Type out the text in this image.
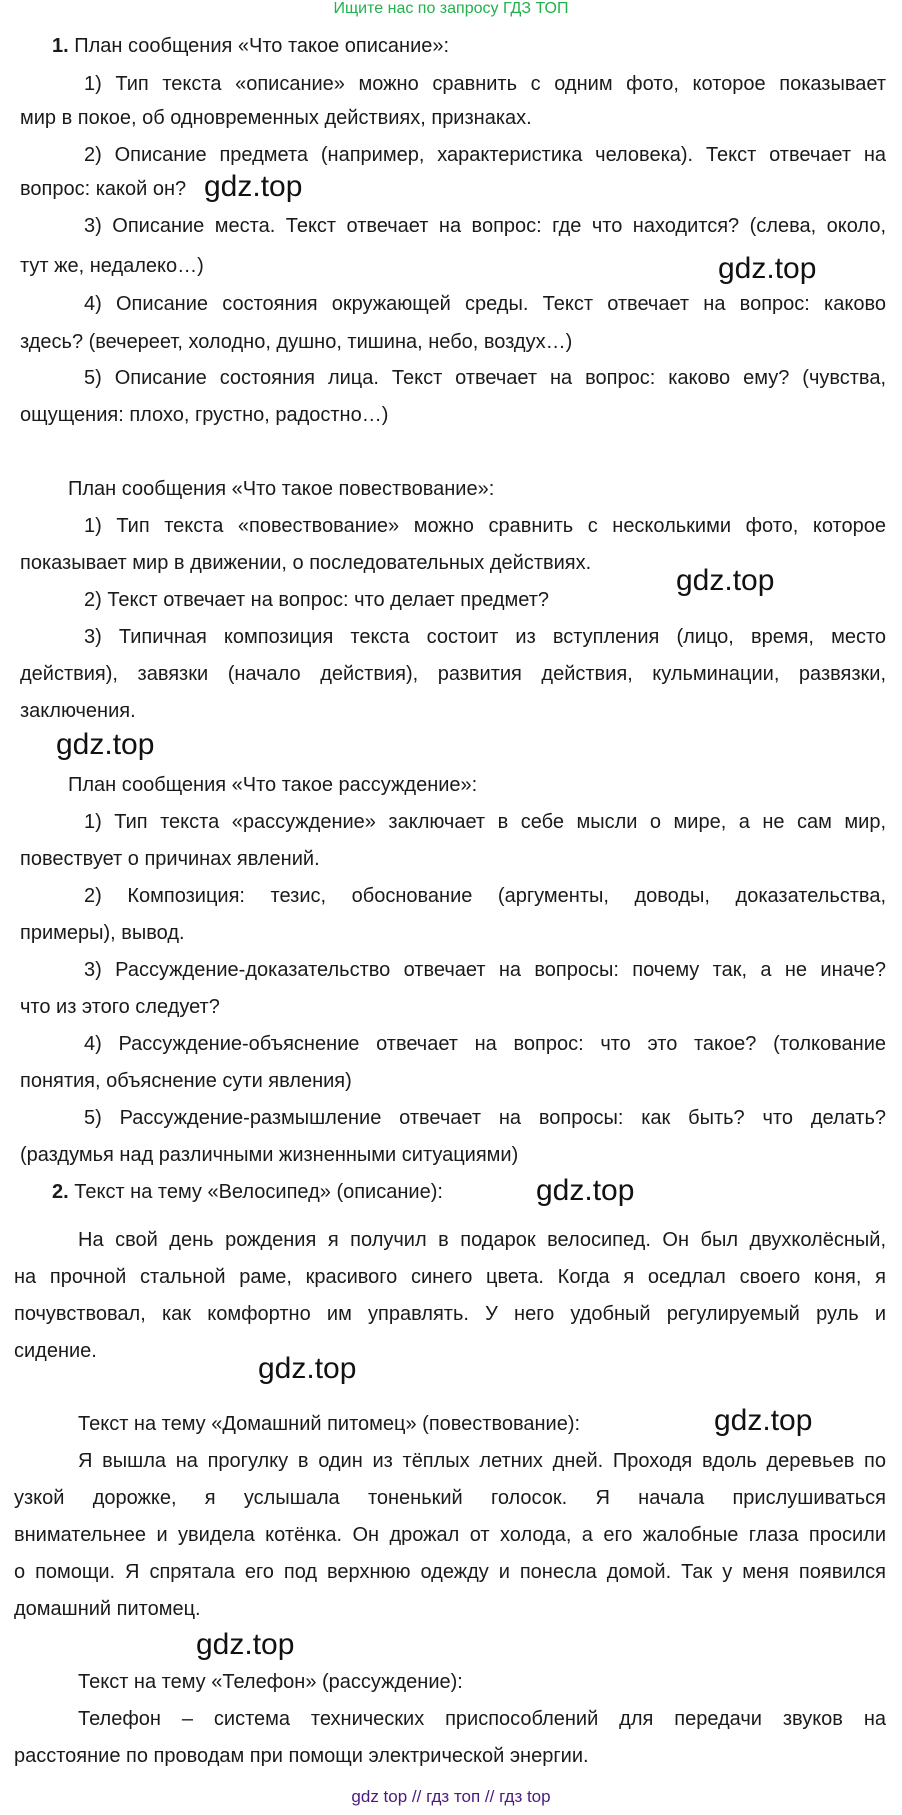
Ищите нас по запросу ГДЗ ТОП
1. План сообщения «Что такое описание»:
1) Тип текста «описание» можно сравнить с одним фото, которое показывает
мир в покое, об одновременных действиях, признаках.
2) Описание предмета (например, характеристика человека). Текст отвечает на
вопрос: какой он?
3) Описание места. Текст отвечает на вопрос: где что находится? (слева, около,
тут же, недалеко…)
4) Описание состояния окружающей среды. Текст отвечает на вопрос: каково
здесь? (вечереет, холодно, душно, тишина, небо, воздух…)
5) Описание состояния лица. Текст отвечает на вопрос: каково ему? (чувства,
ощущения: плохо, грустно, радостно…)
План сообщения «Что такое повествование»:
1) Тип текста «повествование» можно сравнить с несколькими фото, которое
показывает мир в движении, о последовательных действиях.
2) Текст отвечает на вопрос: что делает предмет?
3) Типичная композиция текста состоит из вступления (лицо, время, место
действия), завязки (начало действия), развития действия, кульминации, развязки,
заключения.
План сообщения «Что такое рассуждение»:
1) Тип текста «рассуждение» заключает в себе мысли о мире, а не сам мир,
повествует о причинах явлений.
2) Композиция: тезис, обоснование (аргументы, доводы, доказательства,
примеры), вывод.
3) Рассуждение-доказательство отвечает на вопросы: почему так, а не иначе?
что из этого следует?
4) Рассуждение-объяснение отвечает на вопрос: что это такое? (толкование
понятия, объяснение сути явления)
5) Рассуждение-размышление отвечает на вопросы: как быть? что делать?
(раздумья над различными жизненными ситуациями)
2. Текст на тему «Велосипед» (описание):
На свой день рождения я получил в подарок велосипед. Он был двухколёсный,
на прочной стальной раме, красивого синего цвета. Когда я оседлал своего коня, я
почувствовал, как комфортно им управлять. У него удобный регулируемый руль и
сидение.
Текст на тему «Домашний питомец» (повествование):
Я вышла на прогулку в один из тёплых летних дней. Проходя вдоль деревьев по
узкой дорожке, я услышала тоненький голосок. Я начала прислушиваться
внимательнее и увидела котёнка. Он дрожал от холода, а его жалобные глаза просили
о помощи. Я спрятала его под верхнюю одежду и понесла домой. Так у меня появился
домашний питомец.
Текст на тему «Телефон» (рассуждение):
Телефон – система технических приспособлений для передачи звуков на
расстояние по проводам при помощи электрической энергии.
gdz.top
gdz.top
gdz.top
gdz.top
gdz.top
gdz.top
gdz.top
gdz.top
gdz top // гдз топ // гдз top
